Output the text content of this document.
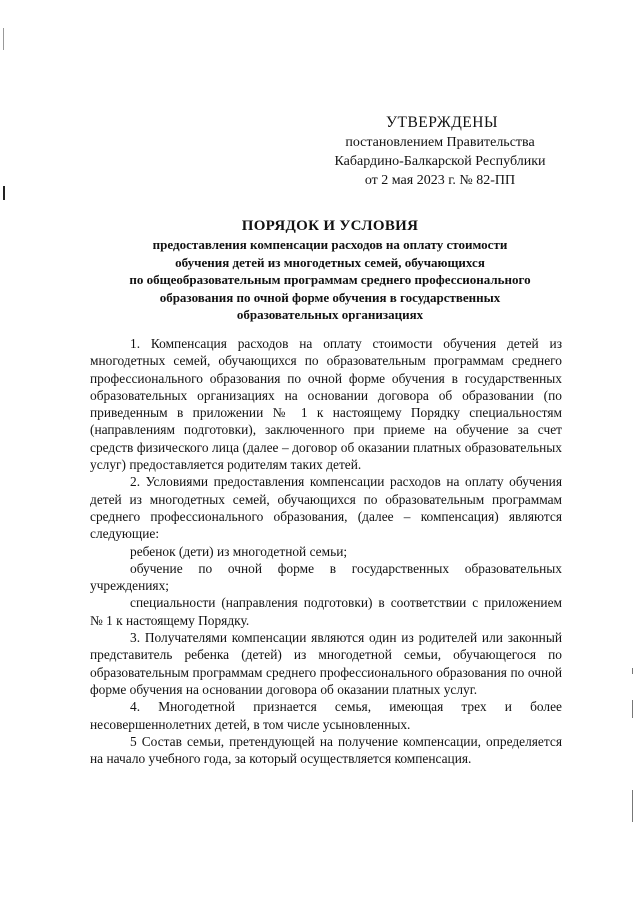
УТВЕРЖДЕНЫ
постановлением Правительства
Кабардино-Балкарской Республики
от 2 мая 2023 г. № 82-ПП
ПОРЯДОК И УСЛОВИЯ
предоставления компенсации расходов на оплату стоимости
обучения детей из многодетных семей, обучающихся
по общеобразовательным программам среднего профессионального
образования по очной форме обучения в государственных
образовательных организациях

1. Компенсация расходов на оплату стоимости обучения детей из многодетных семей, обучающихся по образовательным программам среднего профессионального образования по очной форме обучения в государственных образовательных организациях на основании договора об образовании (по приведенным в приложении № 1 к настоящему Порядку специальностям (направлениям подготовки), заключенного при приеме на обучение за счет средств физического лица (далее – договор об оказании платных образовательных услуг) предоставляется родителям таких детей.

2. Условиями предоставления компенсации расходов на оплату обучения детей из многодетных семей, обучающихся по образовательным программам среднего профессионального образования, (далее – компенсация) являются следующие:

ребенок (дети) из многодетной семьи;

обучение по очной форме в государственных образовательных учреждениях;

специальности (направления подготовки) в соответствии с приложением № 1 к настоящему Порядку.

3. Получателями компенсации являются один из родителей или законный представитель ребенка (детей) из многодетной семьи, обучающегося по образовательным программам среднего профессионального образования по очной форме обучения на основании договора об оказании платных услуг.

4. Многодетной признается семья, имеющая трех и более несовершеннолетних детей, в том числе усыновленных.

5 Состав семьи, претендующей на получение компенсации, определяется на начало учебного года, за который осуществляется компенсация.
